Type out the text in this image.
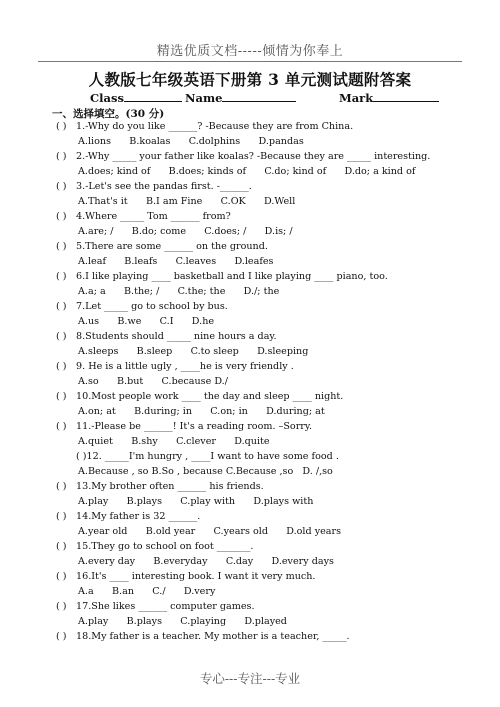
精选优质文档-----倾情为你奉上
人教版七年级英语下册第 3 单元测试题附答案
Class	Name	Mark
一、选择填空。(30 分)
( ) 1.-Why do you like ______? -Because they are from China.
A.lions      B.koalas      C.dolphins      D.pandas
( ) 2.-Why _____ your father like koalas? -Because they are _____ interesting.
A.does; kind of      B.does; kinds of      C.do; kind of      D.do; a kind of
( ) 3.-Let's see the pandas first. -______.
A.That's it      B.I am Fine      C.OK      D.Well
( ) 4.Where _____ Tom ______ from?
A.are; /      B.do; come      C.does; /      D.is; /
( ) 5.There are some ______ on the ground.
A.leaf      B.leafs      C.leaves      D.leafes
( ) 6.I like playing ____ basketball and I like playing ____ piano, too.
A.a; a      B.the; /      C.the; the      D./; the
( ) 7.Let _____ go to school by bus.
A.us      B.we      C.I      D.he
( ) 8.Students should _____ nine hours a day.
A.sleeps      B.sleep      C.to sleep      D.sleeping
( ) 9. He is a little ugly , ____he is very friendly .
A.so      B.but      C.because D./
( ) 10.Most people work ____ the day and sleep ____ night.
A.on; at      B.during; in      C.on; in      D.during; at
( ) 11.-Please be ______! It's a reading room. –Sorry.
A.quiet      B.shy      C.clever      D.quite
( )12. _____I'm hungry , ____I want to have some food .
A.Because , so B.So , because C.Because ,so   D. /,so
( ) 13.My brother often ______ his friends.
A.play      B.plays      C.play with      D.plays with
( ) 14.My father is 32 ______.
A.year old      B.old year      C.years old      D.old years
( ) 15.They go to school on foot _______.
A.every day      B.everyday      C.day      D.every days
( ) 16.It's ____ interesting book. I want it very much.
A.a      B.an      C./      D.very
( ) 17.She likes ______ computer games.
A.play      B.plays      C.playing      D.played
( ) 18.My father is a teacher. My mother is a teacher, _____.
专心---专注---专业
